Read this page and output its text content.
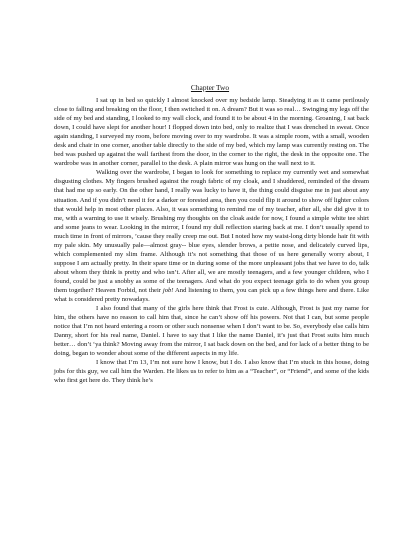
Chapter Two

I sat up in bed so quickly I almost knocked over my bedside lamp. Steadying it as it came perilously close to falling and breaking on the floor, I then switched it on. A dream? But it was so real… Swinging my legs off the side of my bed and standing, I looked to my wall clock, and found it to be about 4 in the morning. Groaning, I sat back down, I could have slept for another hour! I flopped down into bed, only to realize that I was drenched in sweat. Once again standing, I surveyed my room, before moving over to my wardrobe. It was a simple room, with a small, wooden desk and chair in one corner, another table directly to the side of my bed, which my lamp was currently resting on. The bed was pushed up against the wall farthest from the door, in the corner to the right, the desk in the opposite one. The wardrobe was in another corner, parallel to the desk. A plain mirror was hung on the wall next to it.

Walking over the wardrobe, I began to look for something to replace my currently wet and somewhat disgusting clothes. My fingers brushed against the rough fabric of my cloak, and I shuddered, reminded of the dream that had me up so early. On the other hand, I really was lucky to have it, the thing could disguise me in just about any situation. And if you didn’t need it for a darker or forested area, then you could flip it around to show off lighter colors that would help in most other places. Also, it was something to remind me of my teacher, after all, she did give it to me, with a warning to use it wisely. Brushing my thoughts on the cloak aside for now, I found a simple white tee shirt and some jeans to wear. Looking in the mirror, I found my dull reflection staring back at me. I don’t usually spend to much time in front of mirrors, ’cause they really creep me out. But I noted how my waist-long dirty blonde hair fit with my pale skin. My unusually pale—almost gray-- blue eyes, slender brows, a petite nose, and delicately curved lips, which complemented my slim frame. Although it’s not something that those of us here generally worry about, I suppose I am actually pretty. In their spare time or in during some of the more unpleasant jobs that we have to do, talk about whom they think is pretty and who isn’t. After all, we are mostly teenagers, and a few younger children, who I found, could be just a snobby as some of the teenagers. And what do you expect teenage girls to do when you group them together? Heaven Forbid, not their job! And listening to them, you can pick up a few things here and there. Like what is considered pretty nowadays.

I also found that many of the girls here think that Frost is cute. Although, Frost is just my name for him, the others have no reason to call him that, since he can’t show off his powers. Not that I can, but some people notice that I’m not heard entering a room or other such nonsense when I don’t want to be. So, everybody else calls him Danny, short for his real name, Daniel. I have to say that I like the name Daniel, it’s just that Frost suits him much better… don’t ‘ya think? Moving away from the mirror, I sat back down on the bed, and for lack of a better thing to be doing, began to wonder about some of the different aspects in my life.

I know that I’m 13, I’m not sure how I know, but I do. I also know that I’m stuck in this house, doing jobs for this guy, we call him the Warden. He likes us to refer to him as a “Teacher”, or “Friend”, and some of the kids who first get here do. They think he’s
